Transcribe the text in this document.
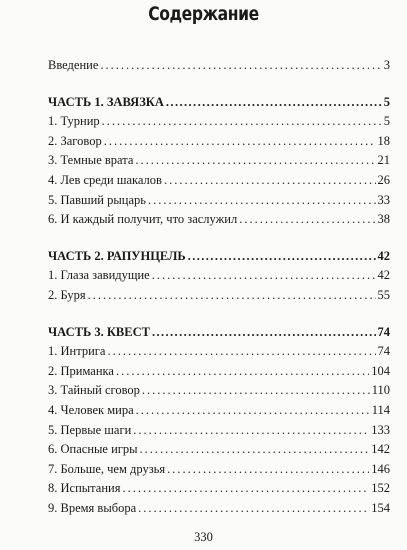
Содержание
Введение .....	3
ЧАСТЬ 1. ЗАВЯЗКА .....	5
1. Турнир .....	5
2. Заговор .....	18
3. Темные врата .....	21
4. Лев среди шакалов .....	26
5. Павший рыцарь .....	33
6. И каждый получит, что заслужил .....	38
ЧАСТЬ 2. РАПУНЦЕЛЬ .....	42
1. Глаза завидущие .....	42
2. Буря .....	55
ЧАСТЬ 3. КВЕСТ .....	74
1. Интрига .....	74
2. Приманка .....	104
3. Тайный сговор .....	110
4. Человек мира .....	114
5. Первые шаги .....	133
6. Опасные игры .....	142
7. Больше, чем друзья .....	146
8. Испытания .....	152
9. Время выбора .....	154
330
